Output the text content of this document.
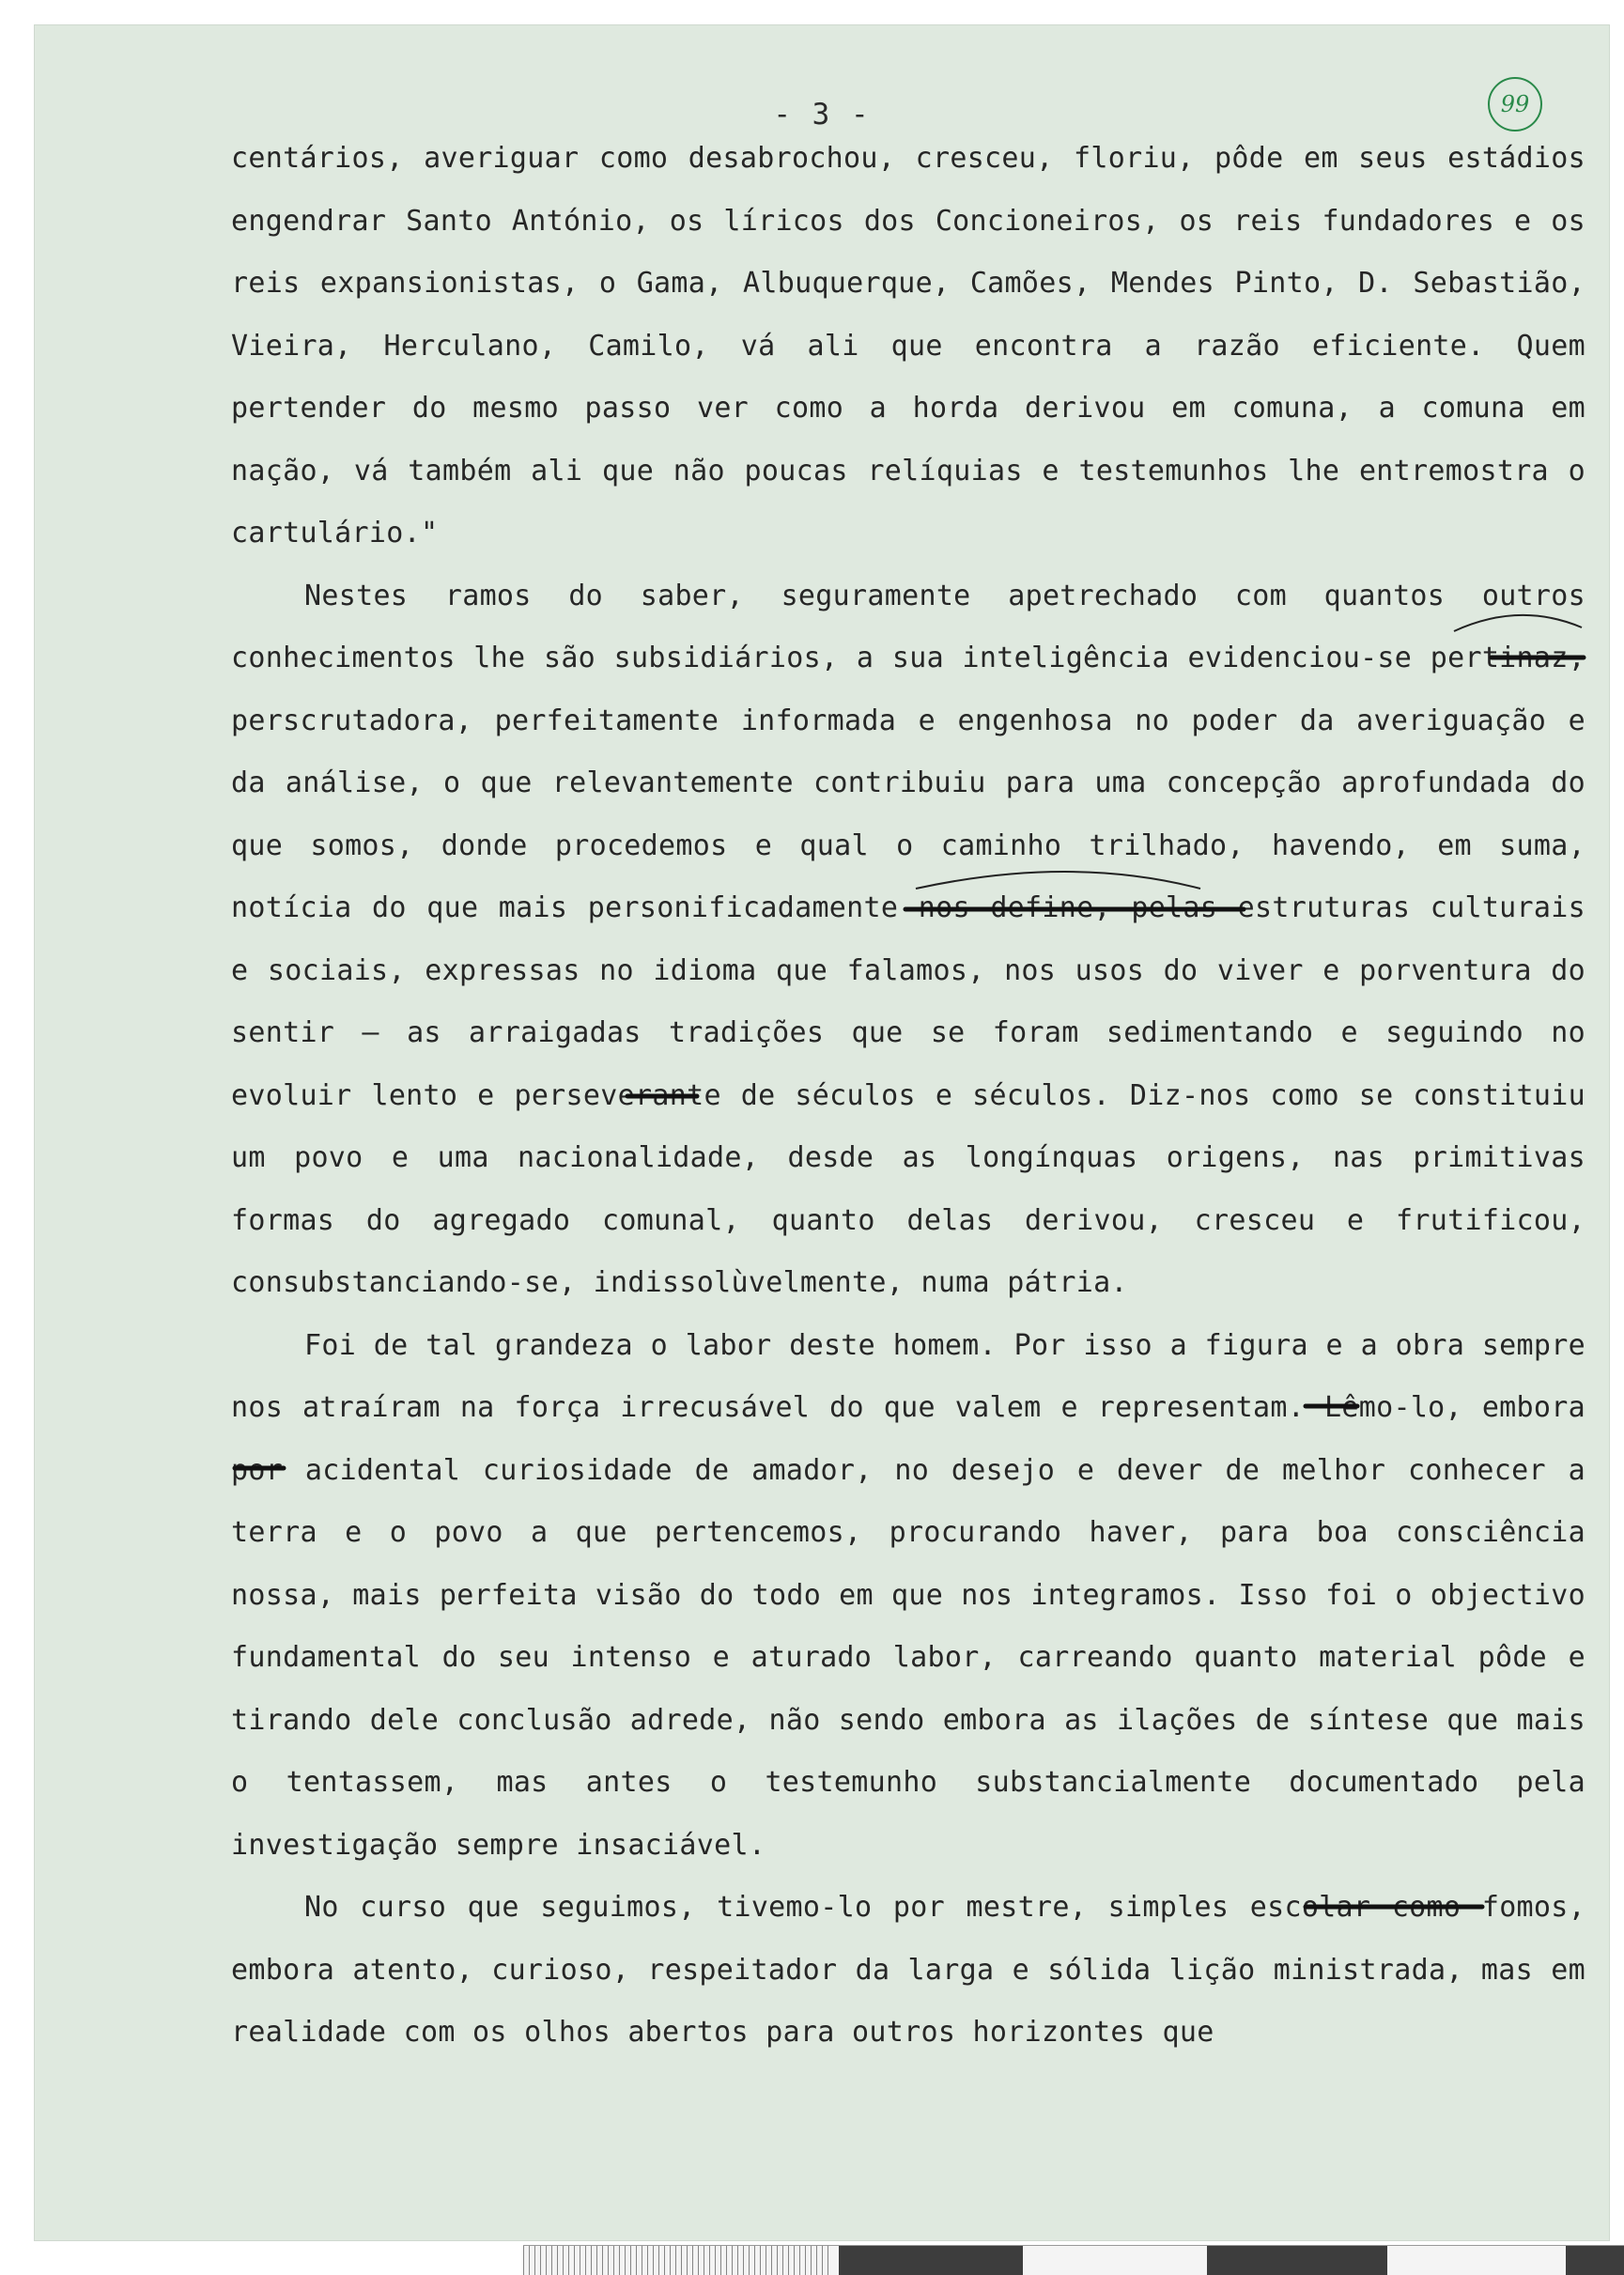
- 3 -	99

centários, averiguar como desabrochou, cresceu, floriu, pôde em seus estádios engendrar Santo António, os líricos dos Concioneiros, os reis fundadores e os reis expansionistas, o Gama, Albuquerque, Camões, Mendes Pinto, D. Sebastião, Vieira, Herculano, Camilo, vá ali que encontra a razão eficiente. Quem pertender do mesmo passo ver como a horda derivou em comuna, a comuna em nação, vá também ali que não poucas relíquias e testemunhos lhe entremostra o cartulário."

Nestes ramos do saber, seguramente apetrechado com quantos outros conhecimentos lhe são subsidiários, a sua inteligência evidenciou-se pertinaz, perscrutadora, perfeitamente informada e engenhosa no poder da averiguação e da análise, o que relevantemente contribuiu para uma concepção aprofundada do que somos, donde procedemos e qual o caminho trilhado, havendo, em suma, notícia do que mais personificadamente nos define, pelas estruturas culturais e sociais, expressas no idioma que falamos, nos usos do viver e porventura do sentir — as arraigadas tradições que se foram sedimentando e seguindo no evoluir lento e perseverante de séculos e séculos. Diz-nos como se constituiu um povo e uma nacionalidade, desde as longínquas origens, nas primitivas formas do agregado comunal, quanto delas derivou, cresceu e frutificou, consubstanciando-se, indissolùvelmente, numa pátria.

Foi de tal grandeza o labor deste homem. Por isso a figura e a obra sempre nos atraíram na força irrecusável do que valem e representam. Lêmo-lo, embora por acidental curiosidade de amador, no desejo e dever de melhor conhecer a terra e o povo a que pertencemos, procurando haver, para boa consciência nossa, mais perfeita visão do todo em que nos integramos. Isso foi o objectivo fundamental do seu intenso e aturado labor, carreando quanto material pôde e tirando dele conclusão adrede, não sendo embora as ilações de síntese que mais o tentassem, mas antes o testemunho substancialmente documentado pela investigação sempre insaciável.

No curso que seguimos, tivemo-lo por mestre, simples escolar como fomos, embora atento, curioso, respeitador da larga e sólida lição ministrada, mas em realidade com os olhos abertos para outros horizontes que
